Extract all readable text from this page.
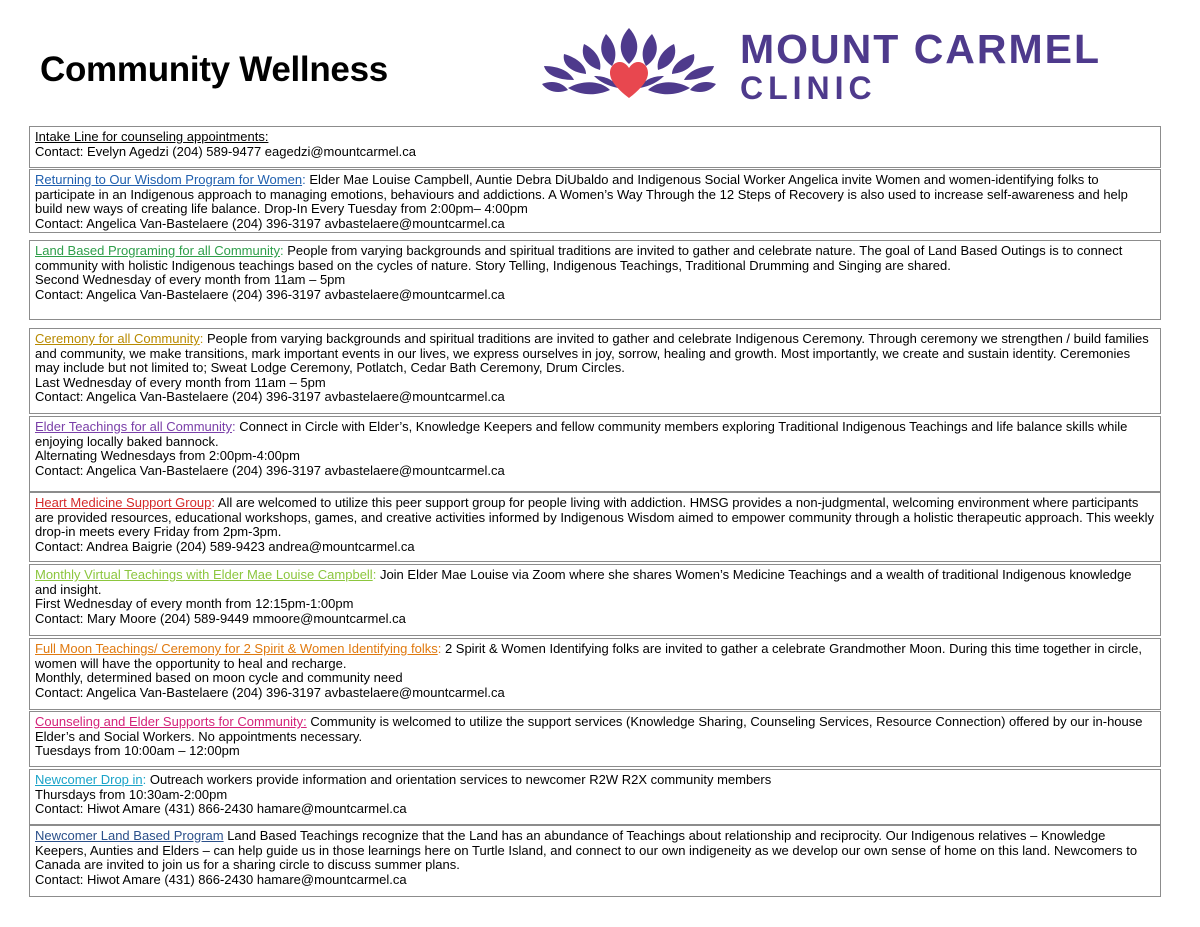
Community Wellness	MOUNT CARMEL
CLINIC

Intake Line for counseling appointments:

Contact: Evelyn Agedzi (204) 589-9477 eagedzi@mountcarmel.ca

Returning to Our Wisdom Program for Women: Elder Mae Louise Campbell, Auntie Debra DiUbaldo and Indigenous Social Worker Angelica invite Women and women-identifying folks to participate in an Indigenous approach to managing emotions, behaviours and addictions. A Women’s Way Through the 12 Steps of Recovery is also used to increase self-awareness and help build new ways of creating life balance. Drop-In Every Tuesday from 2:00pm– 4:00pm

Contact: Angelica Van-Bastelaere (204) 396-3197 avbastelaere@mountcarmel.ca

Land Based Programing for all Community: People from varying backgrounds and spiritual traditions are invited to gather and celebrate nature. The goal of Land Based Outings is to connect community with holistic Indigenous teachings based on the cycles of nature. Story Telling, Indigenous Teachings, Traditional Drumming and Singing are shared.

Second Wednesday of every month from 11am – 5pm

Contact: Angelica Van-Bastelaere (204) 396-3197 avbastelaere@mountcarmel.ca

Ceremony for all Community: People from varying backgrounds and spiritual traditions are invited to gather and celebrate Indigenous Ceremony. Through ceremony we strengthen / build families and community, we make transitions, mark important events in our lives, we express ourselves in joy, sorrow, healing and growth. Most importantly, we create and sustain identity. Ceremonies may include but not limited to; Sweat Lodge Ceremony, Potlatch, Cedar Bath Ceremony, Drum Circles.

Last Wednesday of every month from 11am – 5pm

Contact: Angelica Van-Bastelaere (204) 396-3197 avbastelaere@mountcarmel.ca

Elder Teachings for all Community: Connect in Circle with Elder’s, Knowledge Keepers and fellow community members exploring Traditional Indigenous Teachings and life balance skills while enjoying locally baked bannock.

Alternating Wednesdays from 2:00pm-4:00pm

Contact: Angelica Van-Bastelaere (204) 396-3197 avbastelaere@mountcarmel.ca

Heart Medicine Support Group: All are welcomed to utilize this peer support group for people living with addiction. HMSG provides a non-judgmental, welcoming environment where participants are provided resources, educational workshops, games, and creative activities informed by Indigenous Wisdom aimed to empower community through a holistic therapeutic approach. This weekly drop-in meets every Friday from 2pm-3pm.

Contact: Andrea Baigrie (204) 589-9423 andrea@mountcarmel.ca

Monthly Virtual Teachings with Elder Mae Louise Campbell: Join Elder Mae Louise via Zoom where she shares Women’s Medicine Teachings and a wealth of traditional Indigenous knowledge and insight.

First Wednesday of every month from 12:15pm-1:00pm

Contact: Mary Moore (204) 589-9449 mmoore@mountcarmel.ca

Full Moon Teachings/ Ceremony for 2 Spirit & Women Identifying folks: 2 Spirit & Women Identifying folks are invited to gather a celebrate Grandmother Moon. During this time together in circle, women will have the opportunity to heal and recharge.

Monthly, determined based on moon cycle and community need

Contact: Angelica Van-Bastelaere (204) 396-3197 avbastelaere@mountcarmel.ca

Counseling and Elder Supports for Community: Community is welcomed to utilize the support services (Knowledge Sharing, Counseling Services, Resource Connection) offered by our in-house Elder’s and Social Workers. No appointments necessary.

Tuesdays from 10:00am – 12:00pm

Newcomer Drop in: Outreach workers provide information and orientation services to newcomer R2W R2X community members

Thursdays from 10:30am-2:00pm

Contact: Hiwot Amare (431) 866-2430 hamare@mountcarmel.ca

Newcomer Land Based Program Land Based Teachings recognize that the Land has an abundance of Teachings about relationship and reciprocity. Our Indigenous relatives – Knowledge Keepers, Aunties and Elders – can help guide us in those learnings here on Turtle Island, and connect to our own indigeneity as we develop our own sense of home on this land. Newcomers to Canada are invited to join us for a sharing circle to discuss summer plans.

Contact: Hiwot Amare (431) 866-2430 hamare@mountcarmel.ca
